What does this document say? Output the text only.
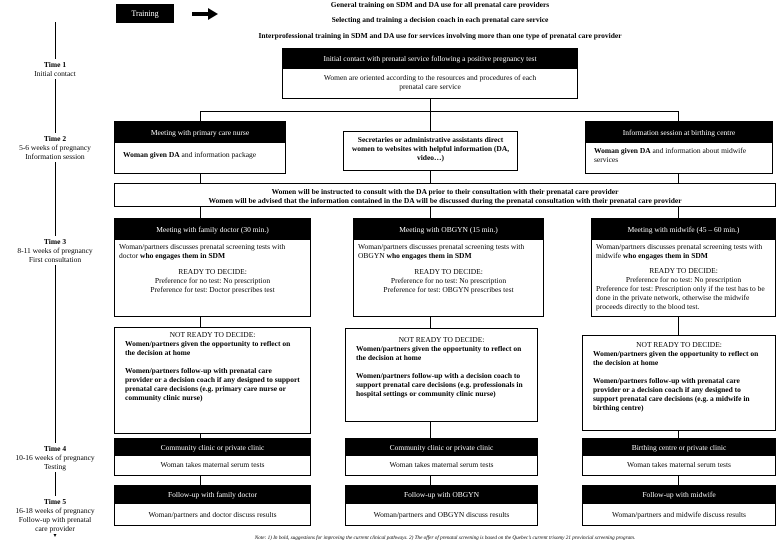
Training
General training on SDM and DA use for all prenatal care providers
Selecting and training a decision coach in each prenatal care service
Interprofessional training in SDM and DA use for services involving more than one type of prenatal care provider
Time 1
Initial contact

Time 2
5-6 weeks of pregnancy
Information session

Time 3
8-11 weeks of pregnancy
First consultation

Time 4
10-16 weeks of pregnancy
Testing

Time 5
16-18 weeks of pregnancy
Follow-up with prenatal
care provider

Initial contact with prenatal service following a positive pregnancy test
Women are oriented according to the resources and procedures of each prenatal care service
Meeting with primary care nurse
Woman given DA and information package
Secretaries or administrative assistants direct women to websites with helpful information (DA, video…)
Information session at birthing centre
Woman given DA and information about midwife services
Women will be instructed to consult with the DA prior to their consultation with their prenatal care provider
Women will be advised that the information contained in the DA will be discussed during the prenatal consultation with their prenatal care provider
Meeting with family doctor (30 min.)
Woman/partners discusses prenatal screening tests with doctor who engages them in SDM
READY TO DECIDE:
Preference for no test: No prescription
Preference for test: Doctor prescribes test
Meeting with OBGYN (15 min.)
Woman/partners discusses prenatal screening tests with OBGYN who engages them in SDM
READY TO DECIDE:
Preference for no test: No prescription
Preference for test: OBGYN prescribes test
Meeting with midwife (45 – 60 min.)
Woman/partners discusses prenatal screening tests with midwife who engages them in SDM
READY TO DECIDE:
Preference for no test: No prescription
Preference for test: Prescription only if the test has to be done in the private network, otherwise the midwife proceeds directly to the blood test.
NOT READY TO DECIDE:
Women/partners given the opportunity to reflect on the decision at home
Women/partners follow-up with prenatal care provider or a decision coach if any designed to support prenatal care decisions (e.g. primary care nurse or community clinic nurse)
NOT READY TO DECIDE:
Women/partners given the opportunity to reflect on the decision at home
Women/partners follow-up with a decision coach to support prenatal care decisions (e.g. professionals in hospital settings or community clinic nurse)
NOT READY TO DECIDE:
Women/partners given the opportunity to reflect on the decision at home
Women/partners follow-up with prenatal care provider or a decision coach if any designed to support prenatal care decisions (e.g. a midwife in birthing centre)
Community clinic or private clinic
Woman takes maternal serum tests
Community clinic or private clinic
Woman takes maternal serum tests
Birthing centre or private clinic
Woman takes maternal serum tests
Follow-up with family doctor
Woman/partners and doctor discuss results
Follow-up with OBGYN
Woman/partners and OBGYN discuss results
Follow-up with midwife
Woman/partners and midwife discuss results
Note: 1) In bold, suggestions for improving the current clinical pathways. 2) The offer of prenatal screening is based on the Quebec’s current trisomy 21 provincial screening program.
